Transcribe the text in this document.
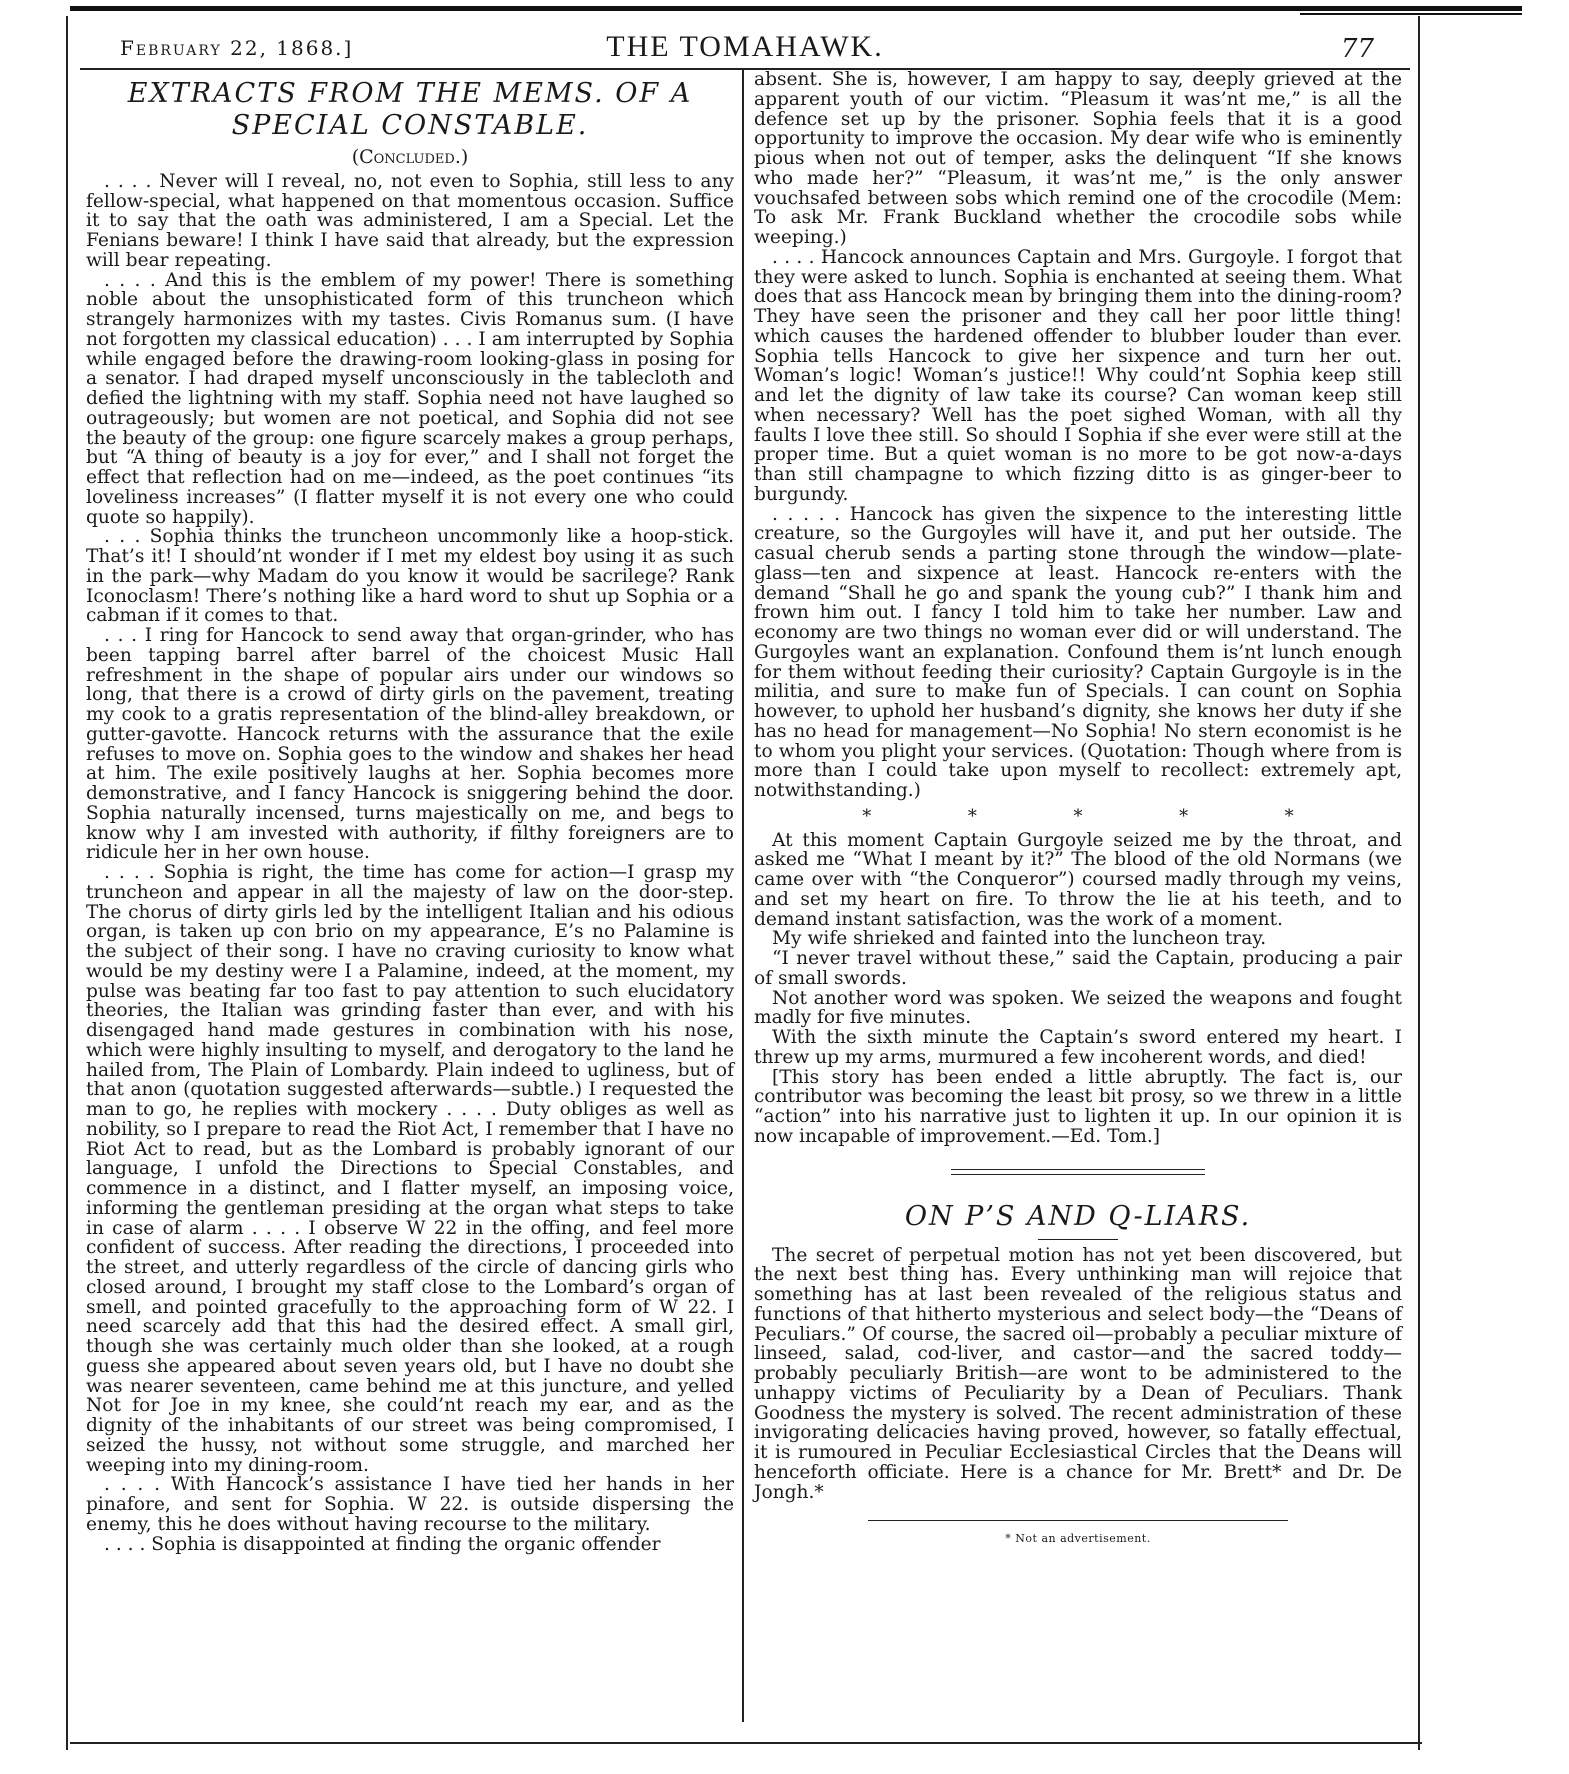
February 22, 1868.]	THE TOMAHAWK.	77
EXTRACTS FROM THE MEMS. OF A SPECIAL CONSTABLE.
(Concluded.)

. . . . Never will I reveal, no, not even to Sophia, still less to any fellow-special, what happened on that momentous occasion. Suffice it to say that the oath was administered, I am a Special. Let the Fenians beware! I think I have said that already, but the expression will bear repeating.

. . . . And this is the emblem of my power! There is something noble about the unsophisticated form of this truncheon which strangely harmonizes with my tastes. Civis Romanus sum. (I have not forgotten my classical education) . . . I am interrupted by Sophia while engaged before the drawing-room looking-glass in posing for a senator. I had draped myself unconsciously in the tablecloth and defied the lightning with my staff. Sophia need not have laughed so outrageously; but women are not poetical, and Sophia did not see the beauty of the group: one figure scarcely makes a group perhaps, but “A thing of beauty is a joy for ever,” and I shall not forget the effect that reflection had on me—indeed, as the poet continues “its loveliness increases” (I flatter myself it is not every one who could quote so happily).

. . . Sophia thinks the truncheon uncommonly like a hoop-stick. That’s it! I should’nt wonder if I met my eldest boy using it as such in the park—why Madam do you know it would be sacrilege? Rank Iconoclasm! There’s nothing like a hard word to shut up Sophia or a cabman if it comes to that.

. . . I ring for Hancock to send away that organ-grinder, who has been tapping barrel after barrel of the choicest Music Hall refreshment in the shape of popular airs under our windows so long, that there is a crowd of dirty girls on the pavement, treating my cook to a gratis representation of the blind-alley breakdown, or gutter-gavotte. Hancock returns with the assurance that the exile refuses to move on. Sophia goes to the window and shakes her head at him. The exile positively laughs at her. Sophia becomes more demonstrative, and I fancy Hancock is sniggering behind the door. Sophia naturally incensed, turns majestically on me, and begs to know why I am invested with authority, if filthy foreigners are to ridicule her in her own house.

. . . . Sophia is right, the time has come for action—I grasp my truncheon and appear in all the majesty of law on the door-step. The chorus of dirty girls led by the intelligent Italian and his odious organ, is taken up con brio on my appearance, E’s no Palamine is the subject of their song. I have no craving curiosity to know what would be my destiny were I a Palamine, indeed, at the moment, my pulse was beating far too fast to pay attention to such elucidatory theories, the Italian was grinding faster than ever, and with his disengaged hand made gestures in combination with his nose, which were highly insulting to myself, and derogatory to the land he hailed from, The Plain of Lombardy. Plain indeed to ugliness, but of that anon (quotation suggested afterwards—subtle.) I requested the man to go, he replies with mockery . . . . Duty obliges as well as nobility, so I prepare to read the Riot Act, I remember that I have no Riot Act to read, but as the Lombard is probably ignorant of our language, I unfold the Directions to Special Constables, and commence in a distinct, and I flatter myself, an imposing voice, informing the gentleman presiding at the organ what steps to take in case of alarm . . . . I observe W 22 in the offing, and feel more confident of success. After reading the directions, I proceeded into the street, and utterly regardless of the circle of dancing girls who closed around, I brought my staff close to the Lombard’s organ of smell, and pointed gracefully to the approaching form of W 22. I need scarcely add that this had the desired effect. A small girl, though she was certainly much older than she looked, at a rough guess she appeared about seven years old, but I have no doubt she was nearer seventeen, came behind me at this juncture, and yelled Not for Joe in my knee, she could’nt reach my ear, and as the dignity of the inhabitants of our street was being compromised, I seized the hussy, not without some struggle, and marched her weeping into my dining-room.

. . . . With Hancock’s assistance I have tied her hands in her pinafore, and sent for Sophia. W 22. is outside dispersing the enemy, this he does without having recourse to the military.

. . . . Sophia is disappointed at finding the organic offender

absent. She is, however, I am happy to say, deeply grieved at the apparent youth of our victim. “Pleasum it was’nt me,” is all the defence set up by the prisoner. Sophia feels that it is a good opportunity to improve the occasion. My dear wife who is eminently pious when not out of temper, asks the delinquent “If she knows who made her?” “Pleasum, it was’nt me,” is the only answer vouchsafed between sobs which remind one of the crocodile (Mem: To ask Mr. Frank Buckland whether the crocodile sobs while weeping.)

. . . . Hancock announces Captain and Mrs. Gurgoyle. I forgot that they were asked to lunch. Sophia is enchanted at seeing them. What does that ass Hancock mean by bringing them into the dining-room? They have seen the prisoner and they call her poor little thing! which causes the hardened offender to blubber louder than ever. Sophia tells Hancock to give her sixpence and turn her out. Woman’s logic! Woman’s justice!! Why could’nt Sophia keep still and let the dignity of law take its course? Can woman keep still when necessary? Well has the poet sighed Woman, with all thy faults I love thee still. So should I Sophia if she ever were still at the proper time. But a quiet woman is no more to be got now-a-days than still champagne to which fizzing ditto is as ginger-beer to burgundy.

. . . . . Hancock has given the sixpence to the interesting little creature, so the Gurgoyles will have it, and put her outside. The casual cherub sends a parting stone through the window—plate-glass—ten and sixpence at least. Hancock re-enters with the demand “Shall he go and spank the young cub?” I thank him and frown him out. I fancy I told him to take her number. Law and economy are two things no woman ever did or will understand. The Gurgoyles want an explanation. Confound them is’nt lunch enough for them without feeding their curiosity? Captain Gurgoyle is in the militia, and sure to make fun of Specials. I can count on Sophia however, to uphold her husband’s dignity, she knows her duty if she has no head for management—No Sophia! No stern economist is he to whom you plight your services. (Quotation: Though where from is more than I could take upon myself to recollect: extremely apt, notwithstanding.)

*	*	*	*	*

At this moment Captain Gurgoyle seized me by the throat, and asked me “What I meant by it?” The blood of the old Normans (we came over with “the Conqueror”) coursed madly through my veins, and set my heart on fire. To throw the lie at his teeth, and to demand instant satisfaction, was the work of a moment.

My wife shrieked and fainted into the luncheon tray.

“I never travel without these,” said the Captain, producing a pair of small swords.

Not another word was spoken. We seized the weapons and fought madly for five minutes.

With the sixth minute the Captain’s sword entered my heart. I threw up my arms, murmured a few incoherent words, and died!

[This story has been ended a little abruptly. The fact is, our contributor was becoming the least bit prosy, so we threw in a little “action” into his narrative just to lighten it up. In our opinion it is now incapable of improvement.—Ed. Tom.]

ON P’S AND Q-LIARS.

The secret of perpetual motion has not yet been discovered, but the next best thing has. Every unthinking man will rejoice that something has at last been revealed of the religious status and functions of that hitherto mysterious and select body—the “Deans of Peculiars.” Of course, the sacred oil—probably a peculiar mixture of linseed, salad, cod-liver, and castor—and the sacred toddy—probably peculiarly British—are wont to be administered to the unhappy victims of Peculiarity by a Dean of Peculiars. Thank Goodness the mystery is solved. The recent administration of these invigorating delicacies having proved, however, so fatally effectual, it is rumoured in Peculiar Ecclesiastical Circles that the Deans will henceforth officiate. Here is a chance for Mr. Brett* and Dr. De Jongh.*

* Not an advertisement.
